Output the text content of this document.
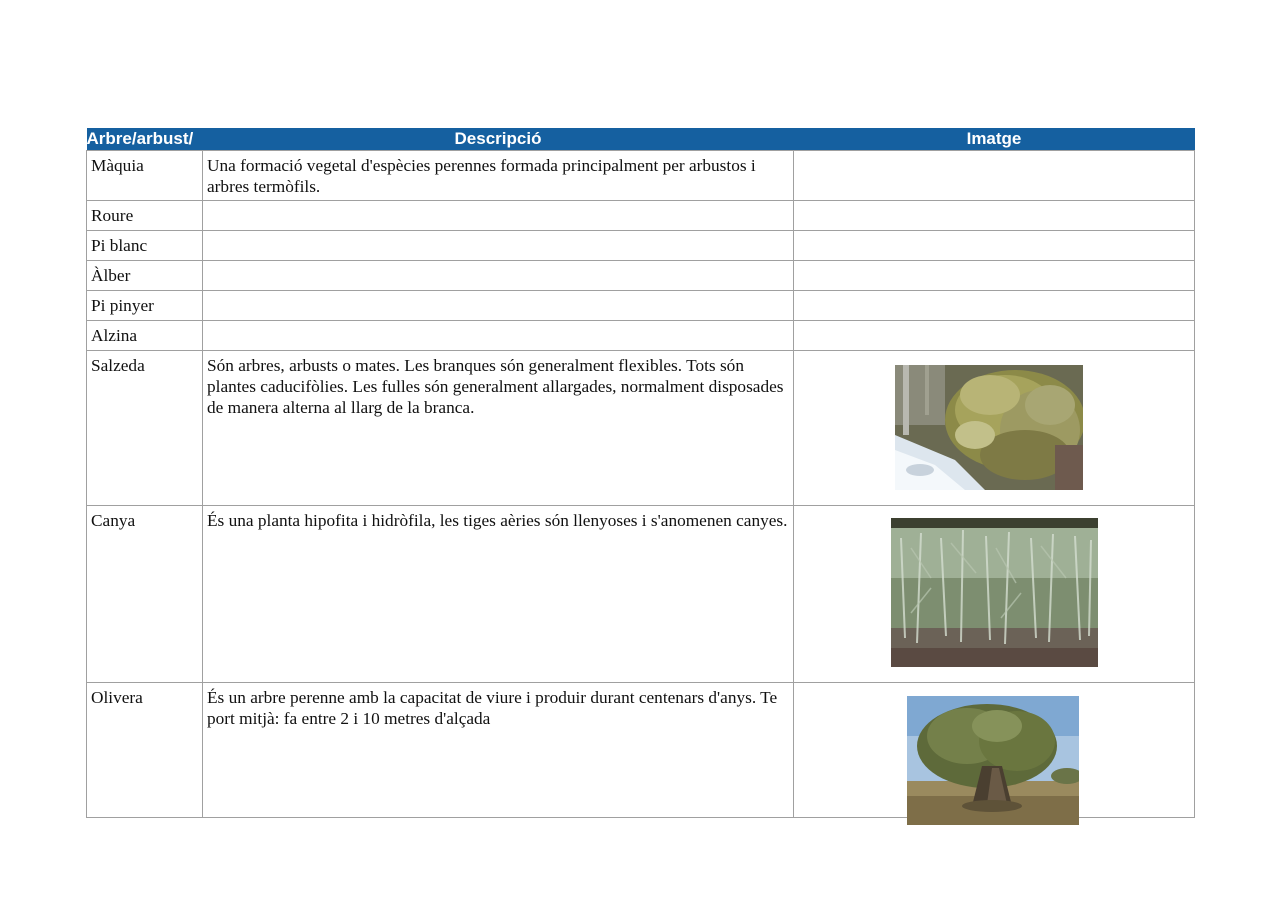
Arbre/arbust/	Descripció	Imatge
Màquia	Una formació vegetal d'espècies perennes formada principalment per arbustos i arbres termòfils.	
Roure		
Pi blanc		
Àlber		
Pi pinyer		
Alzina		
Salzeda	Són arbres, arbusts o mates. Les branques són generalment flexibles. Tots són plantes caducifòlies. Les fulles són generalment allargades, normalment disposades de manera alterna al llarg de la branca.	

Canya	És una planta hipofita i hidròfila, les tiges aèries són llenyoses i s'anomenen canyes.	

Olivera	És un arbre perenne amb la capacitat de viure i produir durant centenars d'anys. Te port mitjà: fa entre 2 i 10 metres d'alçada	
